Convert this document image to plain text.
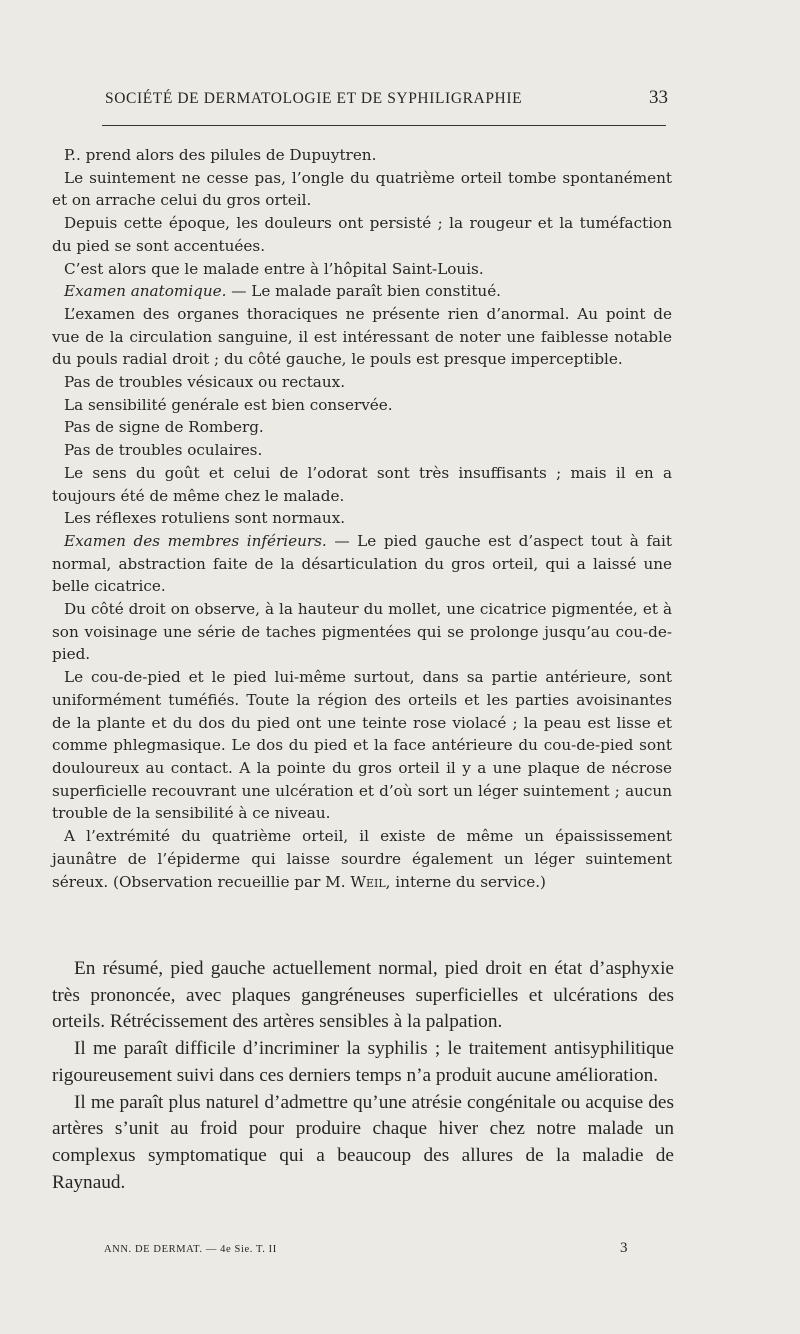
SOCIÉTÉ DE DERMATOLOGIE ET DE SYPHILIGRAPHIE	33

P.. prend alors des pilules de Dupuytren.

Le suintement ne cesse pas, l’ongle du quatrième orteil tombe spontanément et on arrache celui du gros orteil.

Depuis cette époque, les douleurs ont persisté ; la rougeur et la tuméfaction du pied se sont accentuées.

C’est alors que le malade entre à l’hôpital Saint-Louis.

Examen anatomique. — Le malade paraît bien constitué.

L’examen des organes thoraciques ne présente rien d’anormal. Au point de vue de la circulation sanguine, il est intéressant de noter une faiblesse notable du pouls radial droit ; du côté gauche, le pouls est presque imperceptible.

Pas de troubles vésicaux ou rectaux.

La sensibilité genérale est bien conservée.

Pas de signe de Romberg.

Pas de troubles oculaires.

Le sens du goût et celui de l’odorat sont très insuffisants ; mais il en a toujours été de même chez le malade.

Les réflexes rotuliens sont normaux.

Examen des membres inférieurs. — Le pied gauche est d’aspect tout à fait normal, abstraction faite de la désarticulation du gros orteil, qui a laissé une belle cicatrice.

Du côté droit on observe, à la hauteur du mollet, une cicatrice pigmentée, et à son voisinage une série de taches pigmentées qui se prolonge jusqu’au cou-de-pied.

Le cou-de-pied et le pied lui-même surtout, dans sa partie antérieure, sont uniformément tuméfiés. Toute la région des orteils et les parties avoisinantes de la plante et du dos du pied ont une teinte rose violacé ; la peau est lisse et comme phlegmasique. Le dos du pied et la face antérieure du cou-de-pied sont douloureux au contact. A la pointe du gros orteil il y a une plaque de nécrose superficielle recouvrant une ulcération et d’où sort un léger suintement ; aucun trouble de la sensibilité à ce niveau.

A l’extrémité du quatrième orteil, il existe de même un épaississement jaunâtre de l’épiderme qui laisse sourdre également un léger suintement séreux. (Observation recueillie par M. Weil, interne du service.)

En résumé, pied gauche actuellement normal, pied droit en état d’asphyxie très prononcée, avec plaques gangréneuses superficielles et ulcérations des orteils. Rétrécissement des artères sensibles à la palpation.

Il me paraît difficile d’incriminer la syphilis ; le traitement antisyphilitique rigoureusement suivi dans ces derniers temps n’a produit aucune amélioration.

Il me paraît plus naturel d’admettre qu’une atrésie congénitale ou acquise des artères s’unit au froid pour produire chaque hiver chez notre malade un complexus symptomatique qui a beaucoup des allures de la maladie de Raynaud.

ANN. DE DERMAT. — 4e Sie. T. II	3
